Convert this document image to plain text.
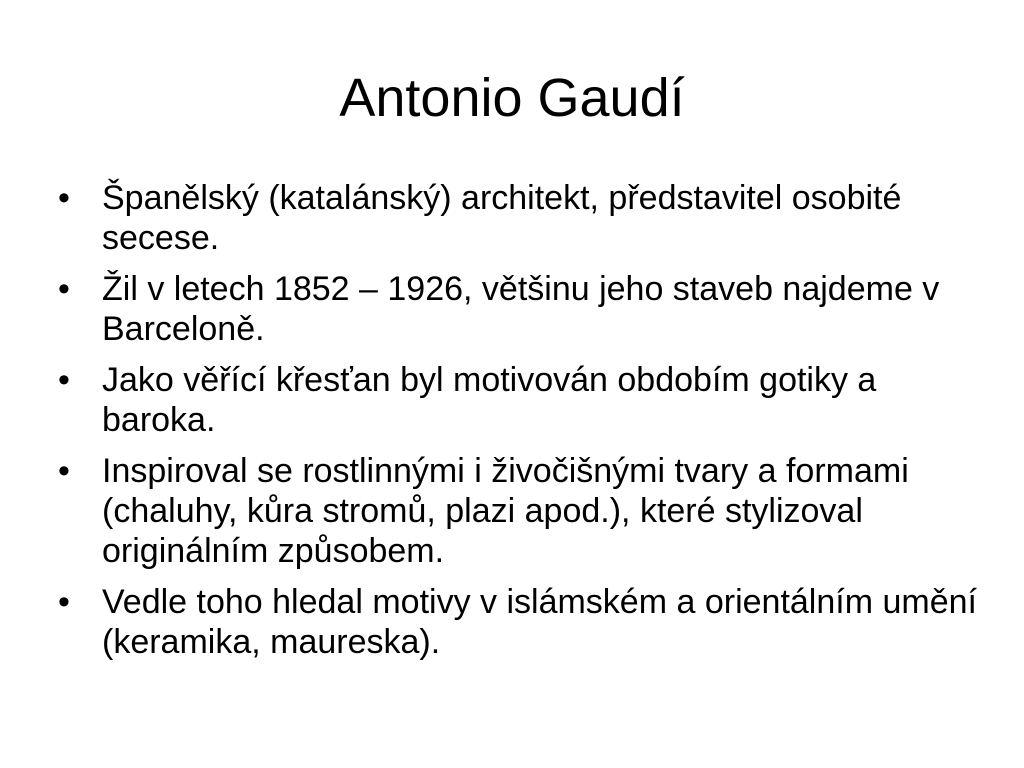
Antonio Gaudí
• Španělský (katalánský) architekt, představitel osobité secese.
• Žil v letech 1852 – 1926, většinu jeho staveb najdeme v Barceloně.
• Jako věřící křesťan byl motivován obdobím gotiky a baroka.
• Inspiroval se rostlinnými i živočišnými tvary a formami (chaluhy, kůra stromů, plazi apod.), které stylizoval originálním způsobem.
• Vedle toho hledal motivy v islámském a orientálním umění (keramika, maureska).
